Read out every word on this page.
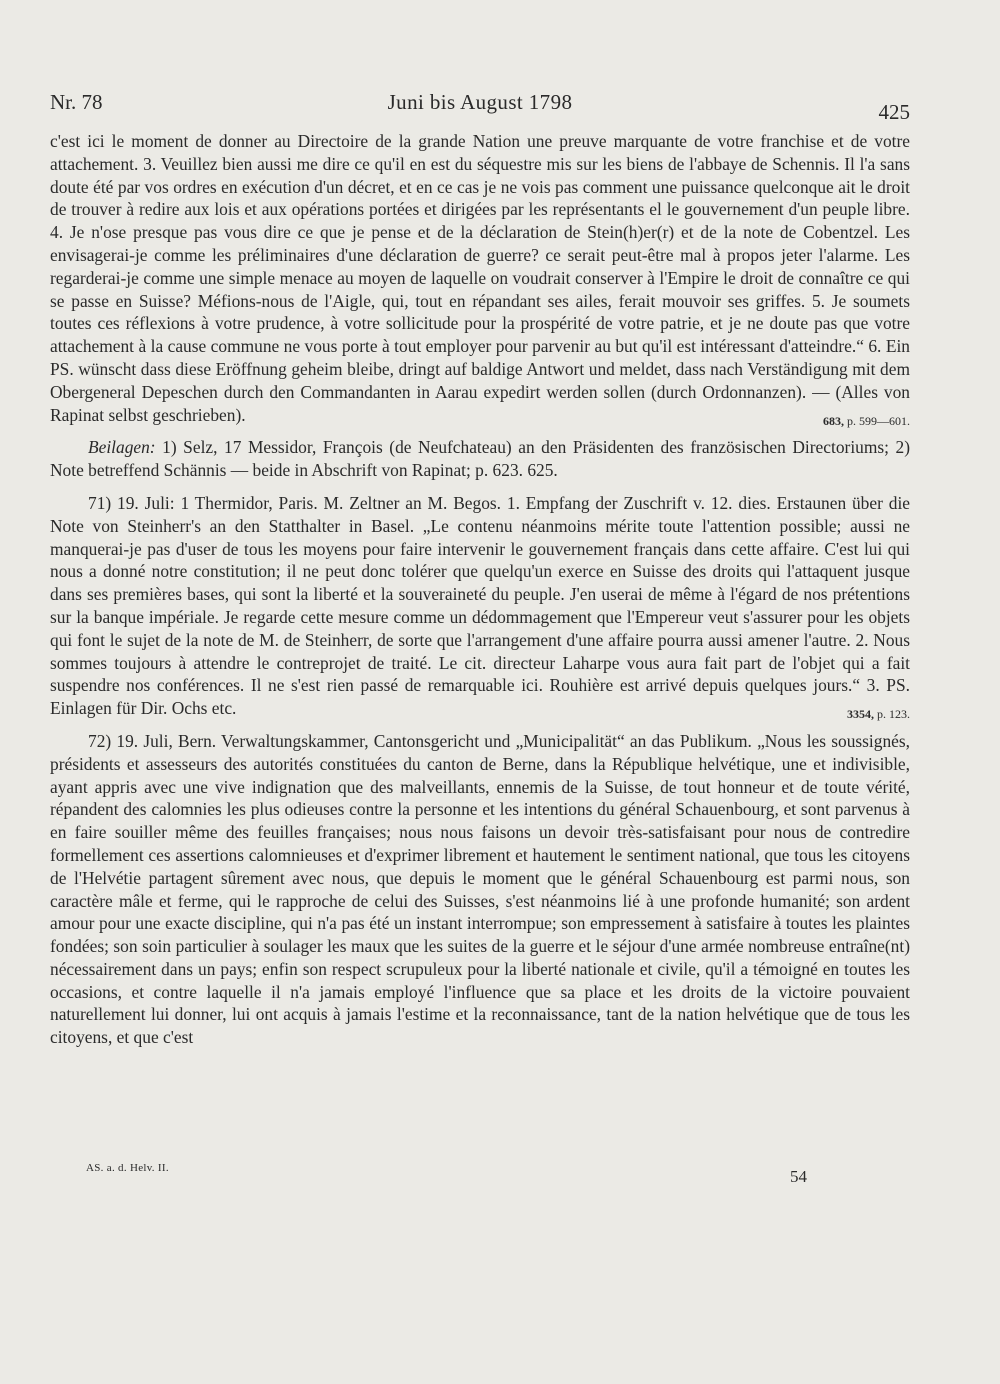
Nr. 78	Juni bis August 1798	425

c'est ici le moment de donner au Directoire de la grande Nation une preuve marquante de votre franchise et de votre attachement. 3. Veuillez bien aussi me dire ce qu'il en est du séquestre mis sur les biens de l'abbaye de Schennis. Il l'a sans doute été par vos ordres en exécution d'un décret, et en ce cas je ne vois pas comment une puissance quelconque ait le droit de trouver à redire aux lois et aux opérations portées et dirigées par les représentants el le gouvernement d'un peuple libre. 4. Je n'ose presque pas vous dire ce que je pense et de la déclaration de Stein(h)er(r) et de la note de Cobentzel. Les envisagerai-je comme les préliminaires d'une déclaration de guerre? ce serait peut-être mal à propos jeter l'alarme. Les regarderai-je comme une simple menace au moyen de laquelle on voudrait conserver à l'Empire le droit de connaître ce qui se passe en Suisse? Méfions-nous de l'Aigle, qui, tout en répandant ses ailes, ferait mouvoir ses griffes. 5. Je soumets toutes ces réflexions à votre prudence, à votre sollicitude pour la prospérité de votre patrie, et je ne doute pas que votre attachement à la cause commune ne vous porte à tout employer pour parvenir au but qu'il est intéressant d'atteindre.“ 6. Ein PS. wünscht dass diese Eröffnung geheim bleibe, dringt auf baldige Antwort und meldet, dass nach Verständigung mit dem Obergeneral Depeschen durch den Commandanten in Aarau expedirt werden sollen (durch Ordonnanzen). — (Alles von Rapinat selbst geschrieben).	683, p. 599—601.

Beilagen: 1) Selz, 17 Messidor, François (de Neufchateau) an den Präsidenten des französischen Directoriums; 2) Note betreffend Schännis — beide in Abschrift von Rapinat; p. 623. 625.

71) 19. Juli: 1 Thermidor, Paris. M. Zeltner an M. Begos. 1. Empfang der Zuschrift v. 12. dies. Erstaunen über die Note von Steinherr's an den Statthalter in Basel. „Le contenu néanmoins mérite toute l'attention possible; aussi ne manquerai-je pas d'user de tous les moyens pour faire intervenir le gouvernement français dans cette affaire. C'est lui qui nous a donné notre constitution; il ne peut donc tolérer que quelqu'un exerce en Suisse des droits qui l'attaquent jusque dans ses premières bases, qui sont la liberté et la souveraineté du peuple. J'en userai de même à l'égard de nos prétentions sur la banque impériale. Je regarde cette mesure comme un dédommagement que l'Empereur veut s'assurer pour les objets qui font le sujet de la note de M. de Steinherr, de sorte que l'arrangement d'une affaire pourra aussi amener l'autre. 2. Nous sommes toujours à attendre le contreprojet de traité. Le cit. directeur Laharpe vous aura fait part de l'objet qui a fait suspendre nos conférences. Il ne s'est rien passé de remarquable ici. Rouhière est arrivé depuis quelques jours.“ 3. PS. Einlagen für Dir. Ochs etc.	3354, p. 123.

72) 19. Juli, Bern. Verwaltungskammer, Cantonsgericht und „Municipalität“ an das Publikum. „Nous les soussignés, présidents et assesseurs des autorités constituées du canton de Berne, dans la République helvétique, une et indivisible, ayant appris avec une vive indignation que des malveillants, ennemis de la Suisse, de tout honneur et de toute vérité, répandent des calomnies les plus odieuses contre la personne et les intentions du général Schauenbourg, et sont parvenus à en faire souiller même des feuilles françaises; nous nous faisons un devoir très-satisfaisant pour nous de contredire formellement ces assertions calomnieuses et d'exprimer librement et hautement le sentiment national, que tous les citoyens de l'Helvétie partagent sûrement avec nous, que depuis le moment que le général Schauenbourg est parmi nous, son caractère mâle et ferme, qui le rapproche de celui des Suisses, s'est néanmoins lié à une profonde humanité; son ardent amour pour une exacte discipline, qui n'a pas été un instant interrompue; son empressement à satisfaire à toutes les plaintes fondées; son soin particulier à soulager les maux que les suites de la guerre et le séjour d'une armée nombreuse entraîne(nt) nécessairement dans un pays; enfin son respect scrupuleux pour la liberté nationale et civile, qu'il a témoigné en toutes les occasions, et contre laquelle il n'a jamais employé l'influence que sa place et les droits de la victoire pouvaient naturellement lui donner, lui ont acquis à jamais l'estime et la reconnaissance, tant de la nation helvétique que de tous les citoyens, et que c'est

AS. a. d. Helv. II.	54
